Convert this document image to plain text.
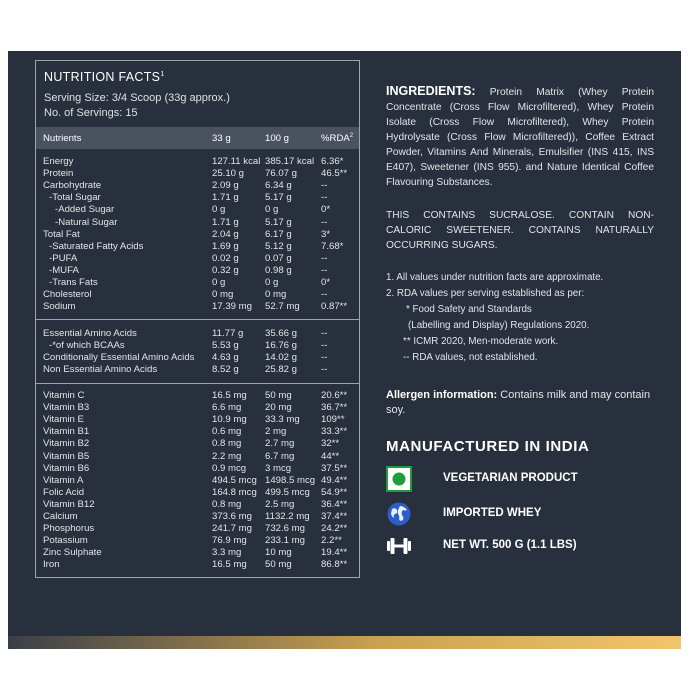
NUTRITION FACTS$^1$
Serving Size: 3/4 Scoop (33g approx.)
No. of Servings: 15
Nutrients	33 g	100 g	%RDA$^2$
Energy	127.11 kcal 385.17 kcal 6.36*
Protein	25.10 g 76.07 g 46.5**
Carbohydrate	2.09 g	6.34 g	--
-Total Sugar	1.71 g	5.17 g	--
-Added Sugar	0 g	0 g	0*
-Natural Sugar	1.71 g	5.17 g	--
Total Fat	2.04 g	6.17 g	3*
-Saturated Fatty Acids	1.69 g	5.12 g	7.68*
-PUFA	0.02 g	0.07 g	--
-MUFA	0.32 g	0.98 g	--
-Trans Fats	0 g	0 g	0*
Cholesterol	0 mg	0 mg	--
Sodium	17.39 mg 52.7 mg 0.87**
Essential Amino Acids	11.77 g 35.66 g --
-*of which BCAAs	5.53 g	16.76 g --
Conditionally Essential Amino Acids 4.63 g	14.02 g --
Non Essential Amino Acids	8.52 g	25.82 g --
Vitamin C	16.5 mg 50 mg	20.6**
Vitamin B3	6.6 mg 20 mg	36.7**
Vitamin E	10.9 mg 33.3 mg 109**
Vitamin B1	0.6 mg 2 mg	33.3**
Vitamin B2	0.8 mg 2.7 mg	32**
Vitamin B5	2.2 mg 6.7 mg	44**
Vitamin B6	0.9 mcg 3 mcg	37.5**
Vitamin A	494.5 mcg 1498.5 mcg 49.4**
Folic Acid	164.8 mcg 499.5 mcg 54.9**
Vitamin B12	0.8 mg 2.5 mg	36.4**
Calcium	373.6 mg 1132.2 mg 37.4**
Phosphorus	241.7 mg 732.6 mg 24.2**
Potassium	76.9 mg 233.1 mg 2.2**
Zinc Sulphate	3.3 mg 10 mg	19.4**
Iron	16.5 mg 50 mg	86.8**
INGREDIENTS: Protein Matrix (Whey Protein Concentrate (Cross Flow Microfiltered), Whey Protein Isolate (Cross Flow Microfiltered), Whey Protein Hydrolysate (Cross Flow Microfiltered)), Coffee Extract Powder, Vitamins And Minerals, Emulsifier (INS 415, INS E407), Sweetener (INS 955). and Nature Identical Coffee Flavouring Substances.
THIS CONTAINS SUCRALOSE. CONTAIN NON-CALORIC SWEETENER. CONTAINS NATURALLY OCCURRING SUGARS.
1. All values under nutrition facts are approximate.
2. RDA values per serving established as per:
* Food Safety and Standards
(Labelling and Display) Regulations 2020.
** ICMR 2020, Men-moderate work.
-- RDA values, not established.
Allergen information: Contains milk and may contain soy.
MANUFACTURED IN INDIA
VEGETARIAN PRODUCT
IMPORTED WHEY
NET WT. 500 G (1.1 LBS)
